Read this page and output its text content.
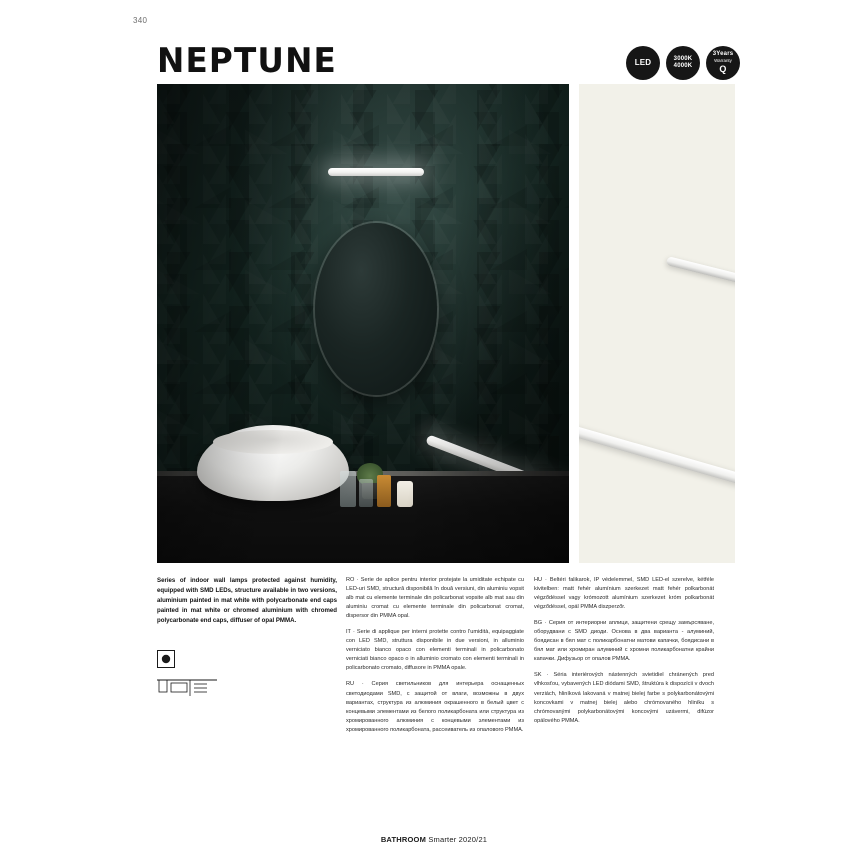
340
NEPTUNE	LED	3000K
4000K
3Years
Warranty
Q

Series of indoor wall lamps protected against humidity, equipped with SMD LEDs, structure available in two versions, aluminium painted in mat white with polycarbonate end caps painted in mat white or chromed aluminium with chromed polycarbonate end caps, diffuser of opal PMMA.

RO · Serie de aplice pentru interior protejate la umiditate echipate cu LED-uri SMD, structură disponibilă în două versiuni, din aluminiu vopsit alb mat cu elemente terminale din policarbonat vopsite alb mat sau din aluminiu cromat cu elemente terminale din policarbonat cromat, dispersor din PMMA opal.

IT · Serie di applique per interni protette contro l'umidità, equipaggiate con LED SMD, struttura disponibile in due versioni, in alluminio verniciato bianco opaco con elementi terminali in policarbonato verniciati bianco opaco o in alluminio cromato con elementi terminali in policarbonato cromato, diffusore in PMMA opale.

RU · Серия светильников для интерьера оснащенных светодиодами SMD, с защитой от влаги, возможны в двух вариантах, структура из алюминия окрашенного в белый цвет с концевыми элементами из белого поликарбоната или структура из хромированного алюминия с концевыми элементами из хромированного поликарбоната, рассеиватель из опалового PMMA.

HU · Beltéri falikarok, IP védelemmel, SMD LED-el szerelve, kétféle kivitelben: matt fehér alumínium szerkezet matt fehér polkarbonát végződéssel vagy krómozott alumínium szerkezet króm polkarbonát végződéssel, opál PMMA diszperzőr.

BG · Серия от интериорни аплици, защитени срещу замърсяване, оборудвани с SMD диоди. Основа в два варианта - алуминий, боядисан в бял мат с поликарбонатни матови капачки, боядисани в бял мат или хромиран алуминий с хромни поликарбонатни крайни капачки. Дифузьор от опалов PMMA.

SK · Séria interiérových nástenných svietidiel chránených pred vlhkosťou, vybavených LED diódami SMD, štruktúra k dispozícii v dvoch verziách, hliníková lakovaná v matnej bielej farbe s polykarbonátovými koncovkami v matnej bielej alebo chrómovaného hliníku s chrómovanými polykarbonátovými koncovými uzávermi, difúzor opálového PMMA.

BATHROOM Smarter 2020/21
